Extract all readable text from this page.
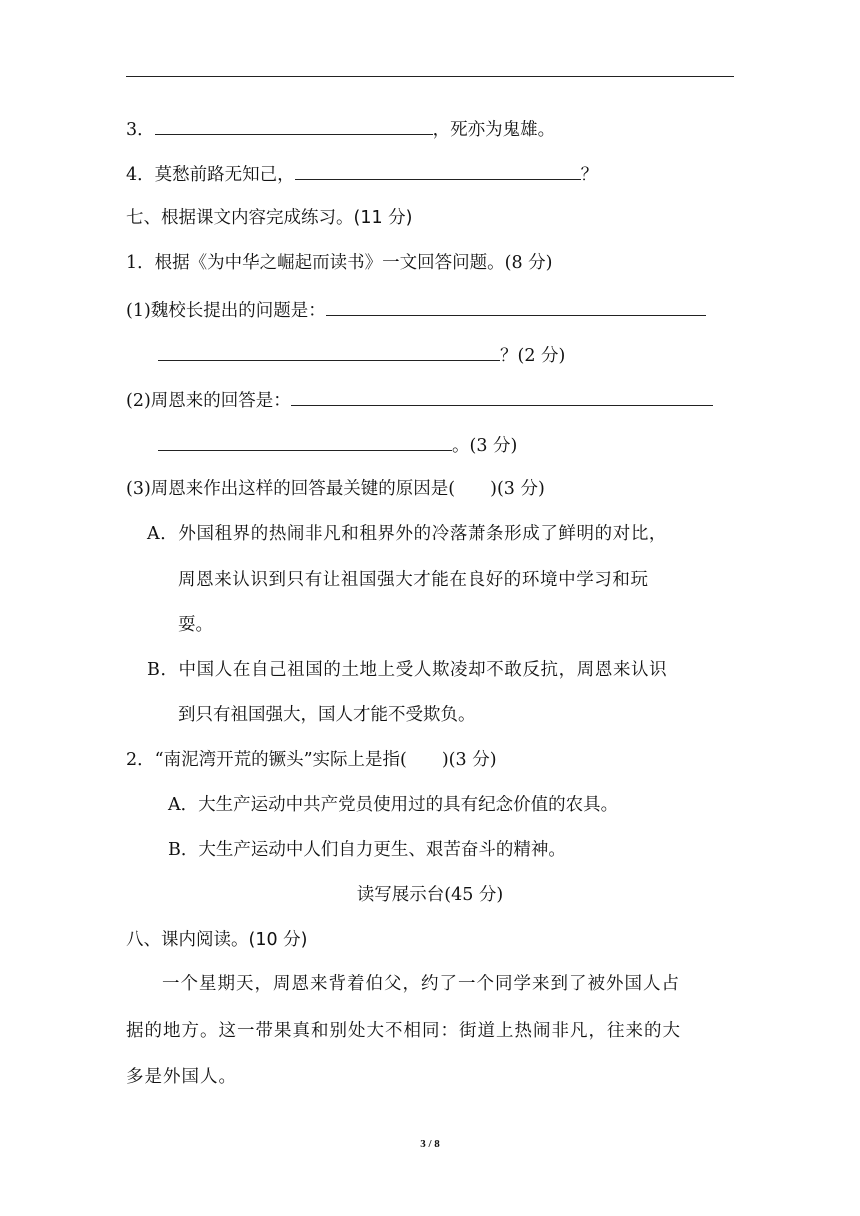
3．	，死亦为鬼雄。
4．莫愁前路无知己，	？
七、根据课文内容完成练习。(11 分)
1．根据《为中华之崛起而读书》一文回答问题。(8 分)
(1)魏校长提出的问题是：
？(2 分)
(2)周恩来的回答是：
。(3 分)
(3)周恩来作出这样的回答最关键的原因是(　　)(3 分)
A．外国租界的热闹非凡和租界外的冷落萧条形成了鲜明的对比，
周恩来认识到只有让祖国强大才能在良好的环境中学习和玩
耍。
B．中国人在自己祖国的土地上受人欺凌却不敢反抗，周恩来认识
到只有祖国强大，国人才能不受欺负。
2．“南泥湾开荒的镢头”实际上是指(　　)(3 分)
A．大生产运动中共产党员使用过的具有纪念价值的农具。
B．大生产运动中人们自力更生、艰苦奋斗的精神。
读写展示台(45 分)
八、课内阅读。(10 分)
一个星期天，周恩来背着伯父，约了一个同学来到了被外国人占
据的地方。这一带果真和别处大不相同：街道上热闹非凡，往来的大
多是外国人。
3 / 8
